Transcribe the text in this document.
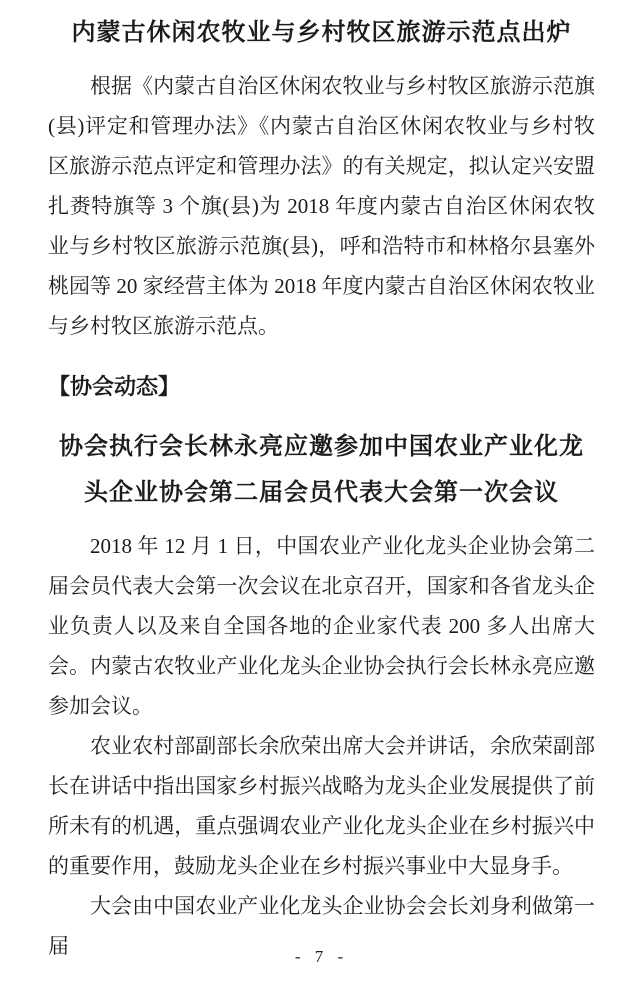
内蒙古休闲农牧业与乡村牧区旅游示范点出炉

根据《内蒙古自治区休闲农牧业与乡村牧区旅游示范旗(县)评定和管理办法》《内蒙古自治区休闲农牧业与乡村牧区旅游示范点评定和管理办法》的有关规定，拟认定兴安盟扎赉特旗等 3 个旗(县)为 2018 年度内蒙古自治区休闲农牧业与乡村牧区旅游示范旗(县)，呼和浩特市和林格尔县塞外桃园等 20 家经营主体为 2018 年度内蒙古自治区休闲农牧业与乡村牧区旅游示范点。

【协会动态】
协会执行会长林永亮应邀参加中国农业产业化龙头企业协会第二届会员代表大会第一次会议

2018 年 12 月 1 日，中国农业产业化龙头企业协会第二届会员代表大会第一次会议在北京召开，国家和各省龙头企业负责人以及来自全国各地的企业家代表 200 多人出席大会。内蒙古农牧业产业化龙头企业协会执行会长林永亮应邀参加会议。

农业农村部副部长余欣荣出席大会并讲话，余欣荣副部长在讲话中指出国家乡村振兴战略为龙头企业发展提供了前所未有的机遇，重点强调农业产业化龙头企业在乡村振兴中的重要作用，鼓励龙头企业在乡村振兴事业中大显身手。

大会由中国农业产业化龙头企业协会会长刘身利做第一届	- 7 -
